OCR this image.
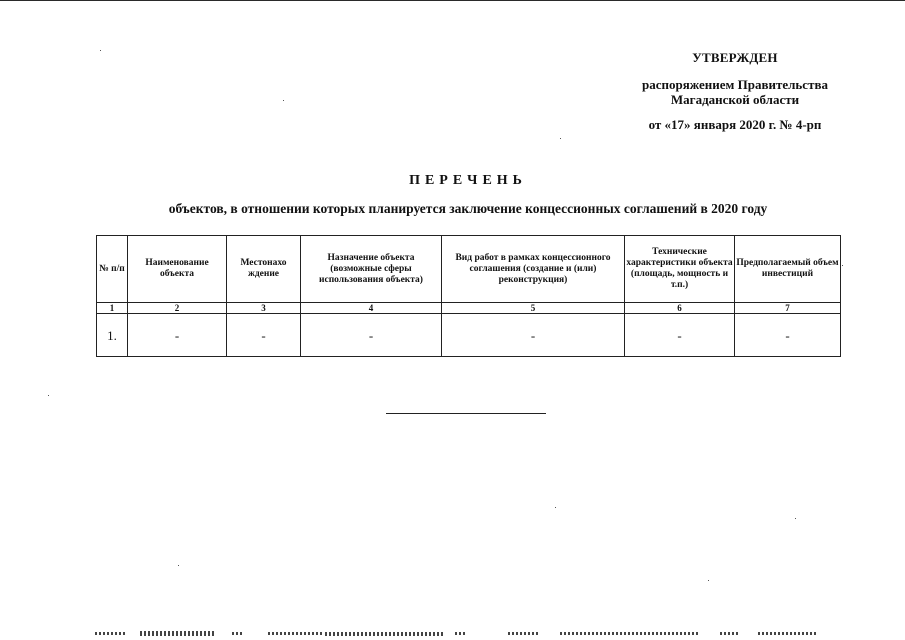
УТВЕРЖДЕН
распоряжением Правительства
Магаданской области
от «17» января 2020 г. № 4-рп
ПЕРЕЧЕНЬ
объектов, в отношении которых планируется заключение концессионных соглашений в 2020 году
№ п/п	Наименование объекта	Местонахо ждение	Назначение объекта (возможные сферы использования объекта)	Вид работ в рамках концессионного соглашения (создание и (или) реконструкция)	Технические характеристики объекта (площадь, мощность и т.п.)	Предполагаемый объем инвестиций
1	2	3	4	5	6	7
1.	-	-	-	-	-	-
